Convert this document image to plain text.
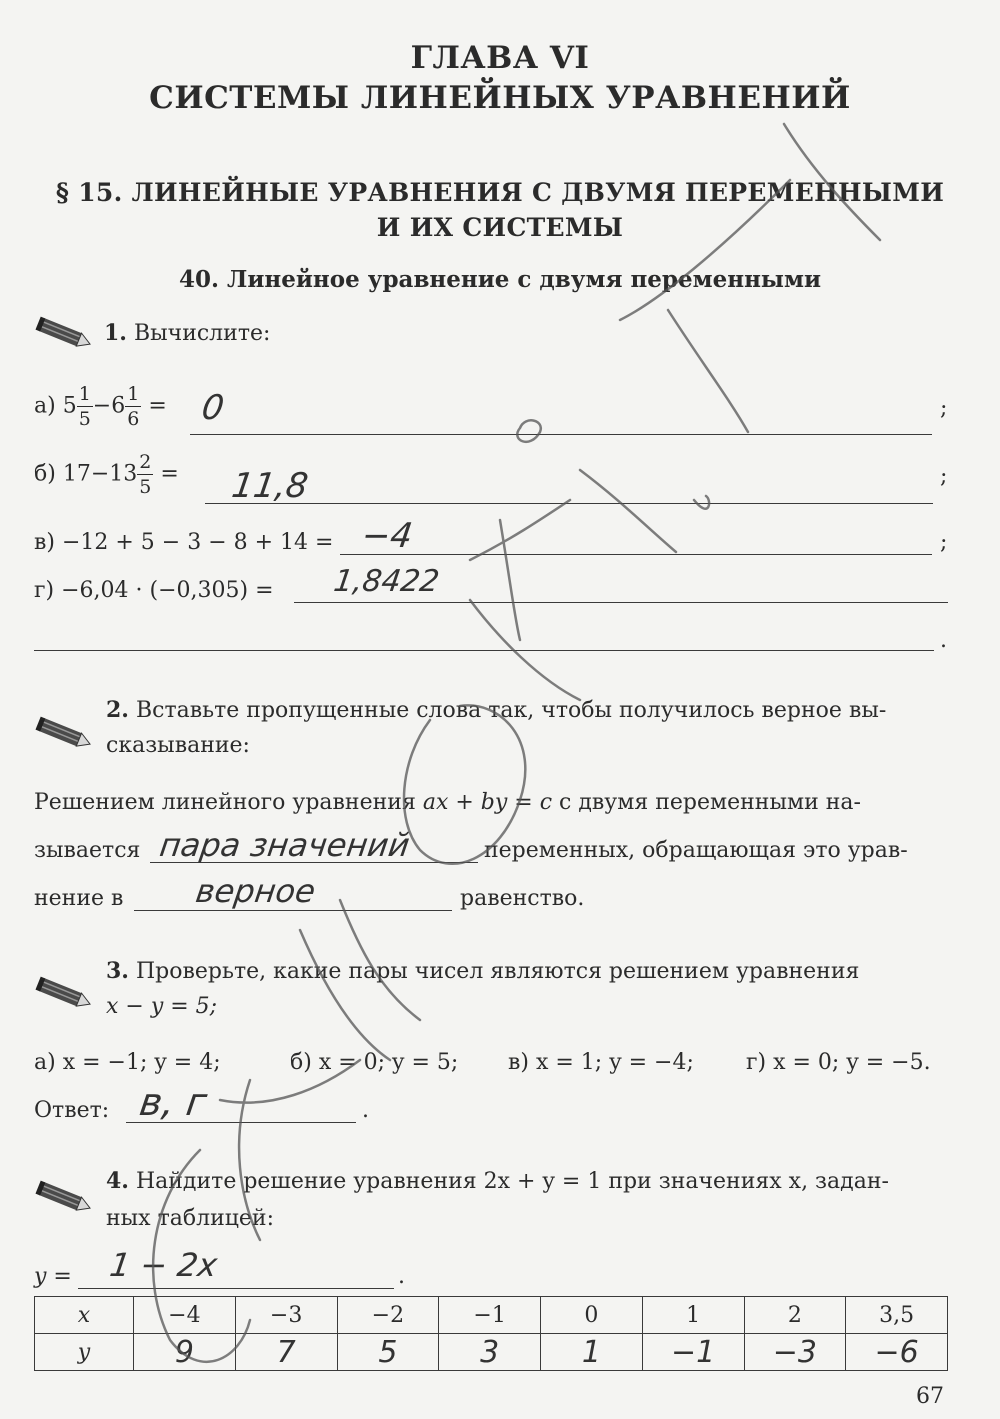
ГЛАВА VI
СИСТЕМЫ ЛИНЕЙНЫХ УРАВНЕНИЙ
§ 15. ЛИНЕЙНЫЕ УРАВНЕНИЯ С ДВУМЯ ПЕРЕМЕННЫМИ
И ИХ СИСТЕМЫ
40. Линейное уравнение с двумя переменными
1. Вычислите:
а) $5 \frac{1}{5} -6 \frac{1}{6} = 0$	;
б) $17-13 \frac{2}{5} = 11,8$	;
в) −12 + 5 − 3 − 8 + 14 = −4	;
г) −6,04 · (−0,305) = 1,8422
.
2. Вставьте пропущенные слова так, чтобы получилось верное вы-
сказывание:
Решением линейного уравнения ax + by = c с двумя переменными на-
зывается пара значений	переменных, обращающая это урав-
нение в верное	равенство.
3. Проверьте, какие пары чисел являются решением уравнения
x − y = 5;
а) x = −1; y = 4;	б) x = 0; y = 5; в) x = 1; y = −4; г) x = 0; y = −5.
Ответ: в, г	.
4. Найдите решение уравнения 2x + y = 1 при значениях x, задан-
ных таблицей:
y = 1 − 2x	.
x	−4	−3	−2	−1	0	1	2	3,5
y	9	7	5	3	1	−1	−3	−6
67
